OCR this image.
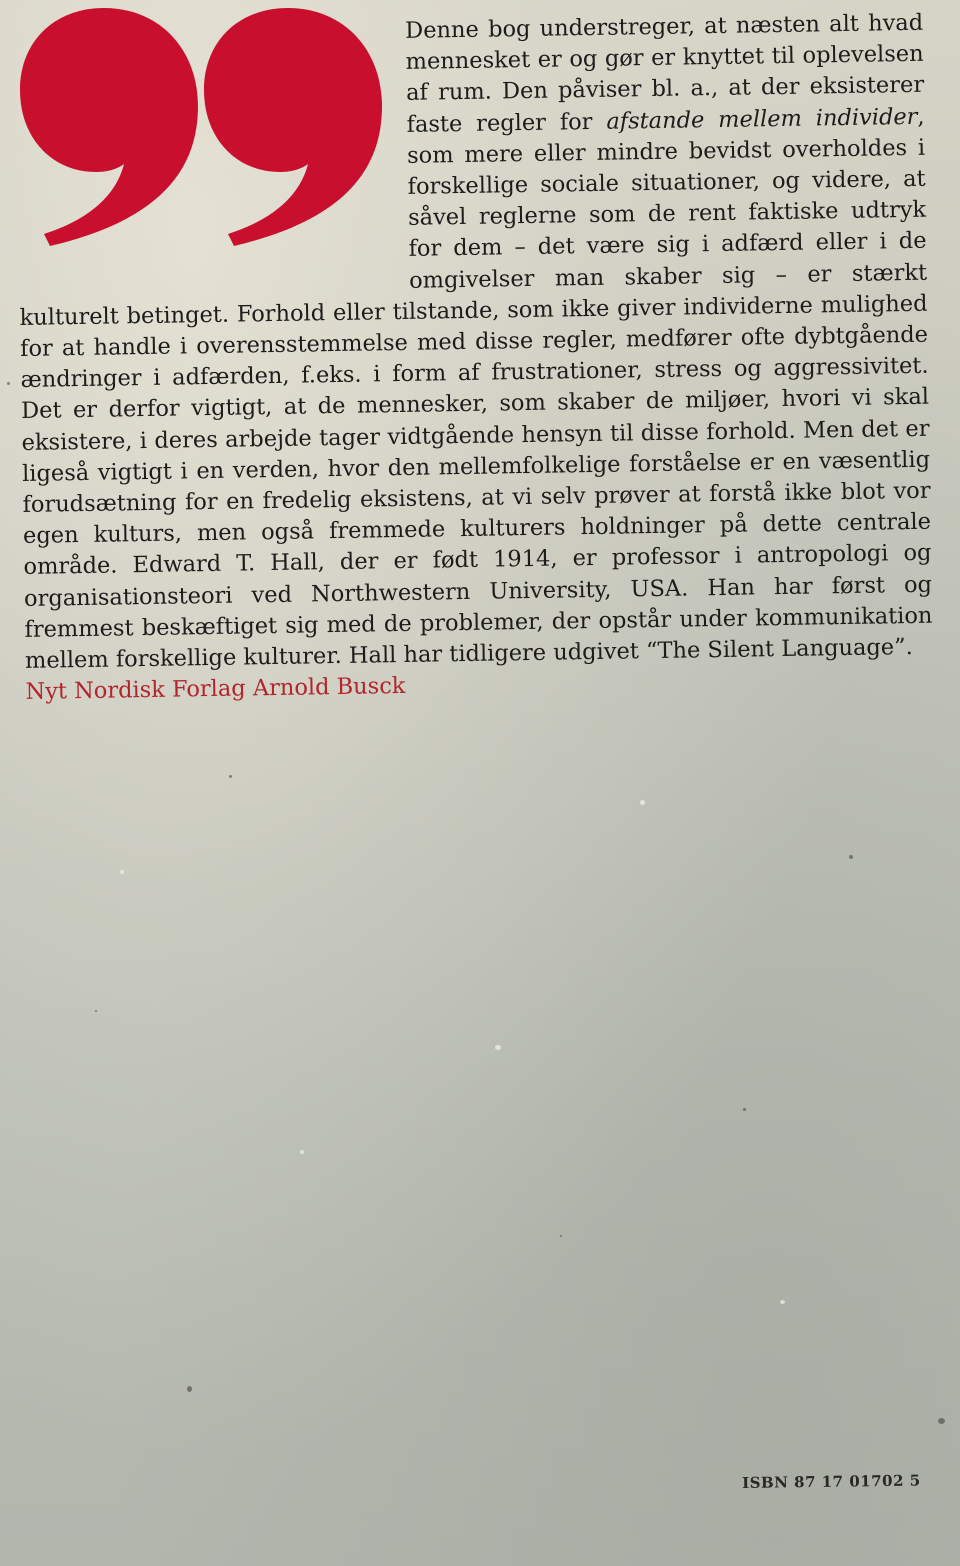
Denne bog understreger, at næsten alt hvad mennesket er og gør er knyttet til oplevelsen af rum. Den påviser bl. a., at der eksisterer faste regler for afstande mellem individer, som mere eller mindre bevidst overholdes i forskellige sociale situationer, og videre, at såvel reglerne som de rent faktiske udtryk for dem – det være sig i adfærd eller i de omgivelser man skaber sig – er stærkt kulturelt betinget. Forhold eller tilstande, som ikke giver individerne mulighed for at handle i overensstemmelse med disse regler, medfører ofte dybtgående ændringer i adfærden, f.eks. i form af frustrationer, stress og aggressivitet. Det er derfor vigtigt, at de mennesker, som skaber de miljøer, hvori vi skal eksistere, i deres arbejde tager vidtgående hensyn til disse forhold. Men det er ligeså vigtigt i en verden, hvor den mellemfolkelige forståelse er en væsentlig forudsætning for en fredelig eksistens, at vi selv prøver at forstå ikke blot vor egen kulturs, men også fremmede kulturers holdninger på dette centrale område. Edward T. Hall, der er født 1914, er professor i antropologi og organisationsteori ved Northwestern University, USA. Han har først og fremmest beskæftiget sig med de problemer, der opstår under kommunikation mellem forskellige kulturer. Hall har tidligere udgivet “The Silent Language”.
Nyt Nordisk Forlag Arnold Busck

ISBN 87 17 01702 5
